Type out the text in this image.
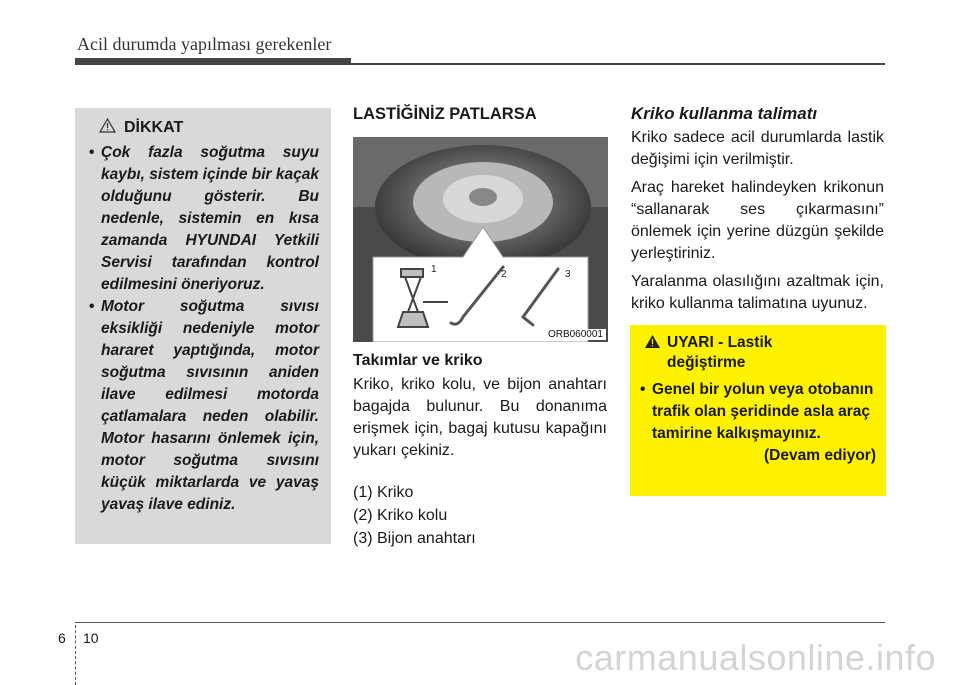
Acil durumda yapılması gerekenler
DİKKAT
• Çok fazla soğutma suyu kaybı, sistem içinde bir kaçak olduğunu gösterir. Bu nedenle, sistemin en kısa zamanda HYUNDAI Yetkili Servisi tarafından kontrol edilmesini öneriyoruz.
• Motor soğutma sıvısı eksikliği nedeniyle motor hararet yaptığında, motor soğutma sıvısının aniden ilave edilmesi motorda çatlamalara neden olabilir. Motor hasarını önlemek için, motor soğutma sıvısını küçük miktarlarda ve yavaş yavaş ilave ediniz.
LASTİĞİNİZ PATLARSA
1	2	3
ORB060001
Takımlar ve kriko

Kriko, kriko kolu, ve bijon anahtarı bagajda bulunur. Bu donanıma erişmek için, bagaj kutusu kapağını yukarı çekiniz.

(1) Kriko
(2) Kriko kolu
(3) Bijon anahtarı
Kriko kullanma talimatı

Kriko sadece acil durumlarda lastik değişimi için verilmiştir.

Araç hareket halindeyken krikonun “sallanarak ses çıkarmasını” önlemek için yerine düzgün şekilde yerleştiriniz.

Yaralanma olasılığını azaltmak için, kriko kullanma talimatına uyunuz.

UYARI - Lastik değiştirme
• Genel bir yolun veya otobanın trafik olan şeridinde asla araç tamirine kalkışmayınız.
(Devam ediyor)
6 10	carmanualsonline.info
